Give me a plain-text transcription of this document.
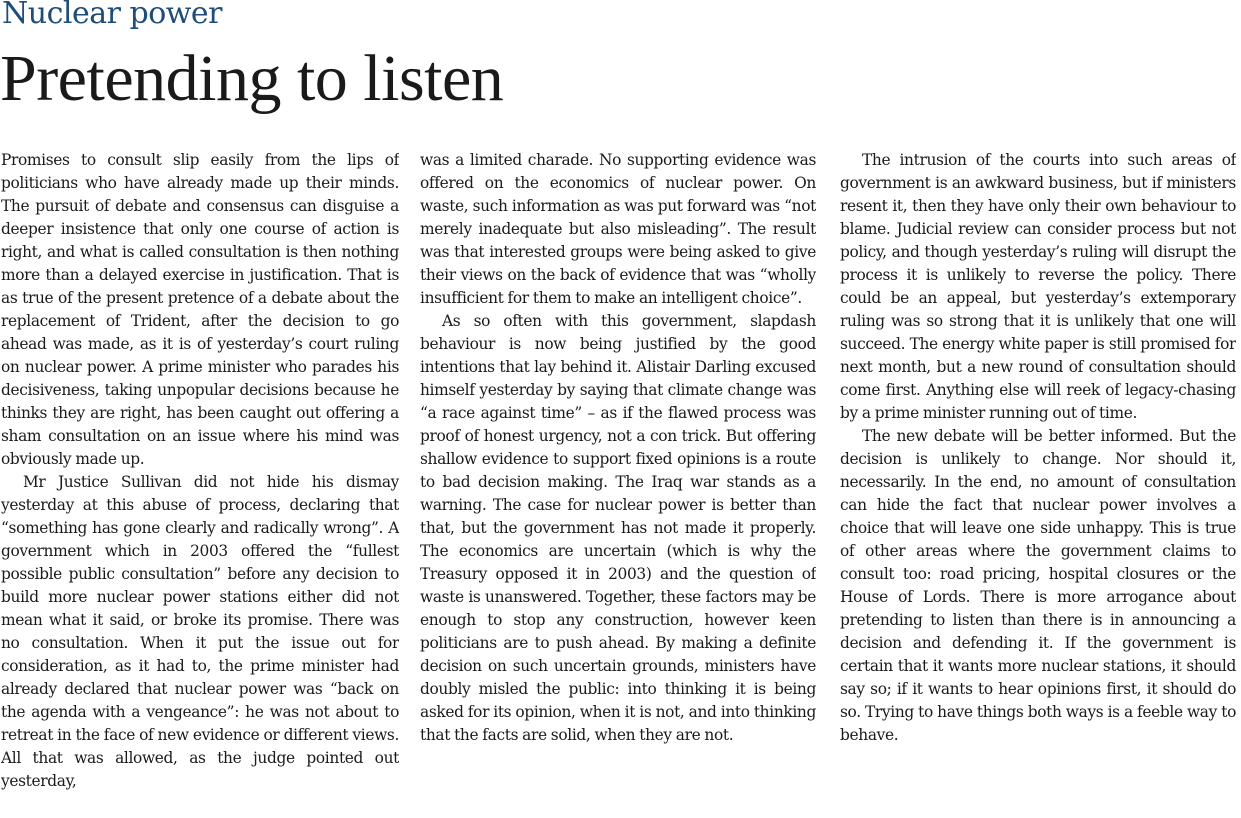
Nuclear power
Pretending to listen

Promises to consult slip easily from the lips of politicians who have already made up their minds. The pursuit of debate and consensus can disguise a deeper insistence that only one course of action is right, and what is called consultation is then nothing more than a delayed exercise in justification. That is as true of the present pretence of a debate about the replacement of Trident, after the decision to go ahead was made, as it is of yesterday’s court ruling on nuclear power. A prime minister who parades his decisiveness, taking unpopular decisions because he thinks they are right, has been caught out offering a sham consultation on an issue where his mind was obviously made up.

Mr Justice Sullivan did not hide his dismay yesterday at this abuse of process, declaring that “something has gone clearly and radically wrong”. A government which in 2003 offered the “fullest possible public consultation” before any decision to build more nuclear power stations either did not mean what it said, or broke its promise. There was no consultation. When it put the issue out for consideration, as it had to, the prime minister had already declared that nuclear power was “back on the agenda with a vengeance”: he was not about to retreat in the face of new evidence or different views. All that was allowed, as the judge pointed out yesterday,

was a limited charade. No supporting evidence was offered on the economics of nuclear power. On waste, such information as was put forward was “not merely inadequate but also misleading”. The result was that interested groups were being asked to give their views on the back of evidence that was “wholly insufficient for them to make an intelligent choice”.

As so often with this government, slapdash behaviour is now being justified by the good intentions that lay behind it. Alistair Darling excused himself yesterday by saying that climate change was “a race against time” – as if the flawed process was proof of honest urgency, not a con trick. But offering shallow evidence to support fixed opinions is a route to bad decision making. The Iraq war stands as a warning. The case for nuclear power is better than that, but the government has not made it properly. The economics are uncertain (which is why the Treasury opposed it in 2003) and the question of waste is unanswered. Together, these factors may be enough to stop any construction, however keen politicians are to push ahead. By making a definite decision on such uncertain grounds, ministers have doubly misled the public: into thinking it is being asked for its opinion, when it is not, and into thinking that the facts are solid, when they are not.

The intrusion of the courts into such areas of government is an awkward business, but if ministers resent it, then they have only their own behaviour to blame. Judicial review can consider process but not policy, and though yesterday’s ruling will disrupt the process it is unlikely to reverse the policy. There could be an appeal, but yesterday’s extemporary ruling was so strong that it is unlikely that one will succeed. The energy white paper is still promised for next month, but a new round of consultation should come first. Anything else will reek of legacy-chasing by a prime minister running out of time.

The new debate will be better informed. But the decision is unlikely to change. Nor should it, necessarily. In the end, no amount of consultation can hide the fact that nuclear power involves a choice that will leave one side unhappy. This is true of other areas where the government claims to consult too: road pricing, hospital closures or the House of Lords. There is more arrogance about pretending to listen than there is in announcing a decision and defending it. If the government is certain that it wants more nuclear stations, it should say so; if it wants to hear opinions first, it should do so. Trying to have things both ways is a feeble way to behave.
